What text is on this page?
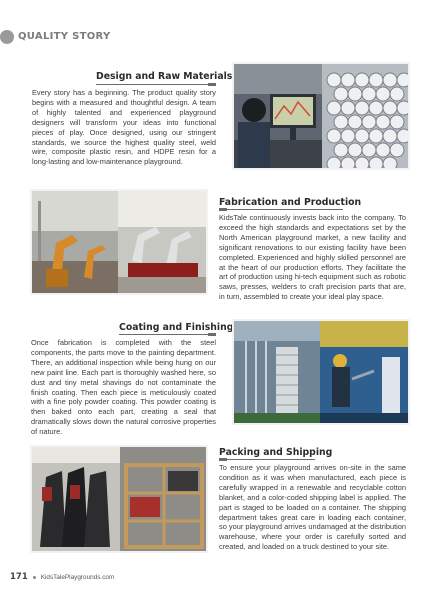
QUALITY STORY
Design and Raw Materials
Every story has a beginning. The product quality story begins with a measured and thoughtful design. A team of highly talented and experienced playground designers will transform your ideas into functional pieces of play. Once designed, using our stringent standards, we source the highest quality steel, weld wire, composite plastic resin, and HDPE resin for a long-lasting and low-maintenance playground.
Fabrication and Production
KidsTale continuously invests back into the company. To exceed the high standards and expectations set by the North American playground market, a new facility and significant renovations to our existing facility have been completed. Experienced and highly skilled personnel are at the heart of our production efforts. They facilitate the art of production using hi-tech equipment such as robotic saws, presses, welders to craft precision parts that are, in turn, assembled to create your ideal play space.
Coating and Finishing
Once fabrication is completed with the steel components, the parts move to the painting department. There, an additional inspection while being hung on our new paint line. Each part is thoroughly washed here, so dust and tiny metal shavings do not contaminate the finish coating. Then each piece is meticulously coated with a fine poly powder coating. This powder coating is then baked onto each part, creating a seal that dramatically slows down the natural corrosive properties of nature.
Packing and Shipping
To ensure your playground arrives on-site in the same condition as it was when manufactured, each piece is carefully wrapped in a renewable and recyclable cotton blanket, and a color-coded shipping label is applied. The part is staged to be loaded on a container. The shipping department takes great care in loading each container, so your playground arrives undamaged at the distribution warehouse, where your order is carefully sorted and created, and loaded on a truck destined to your site.
171 KidsTalePlaygrounds.com
